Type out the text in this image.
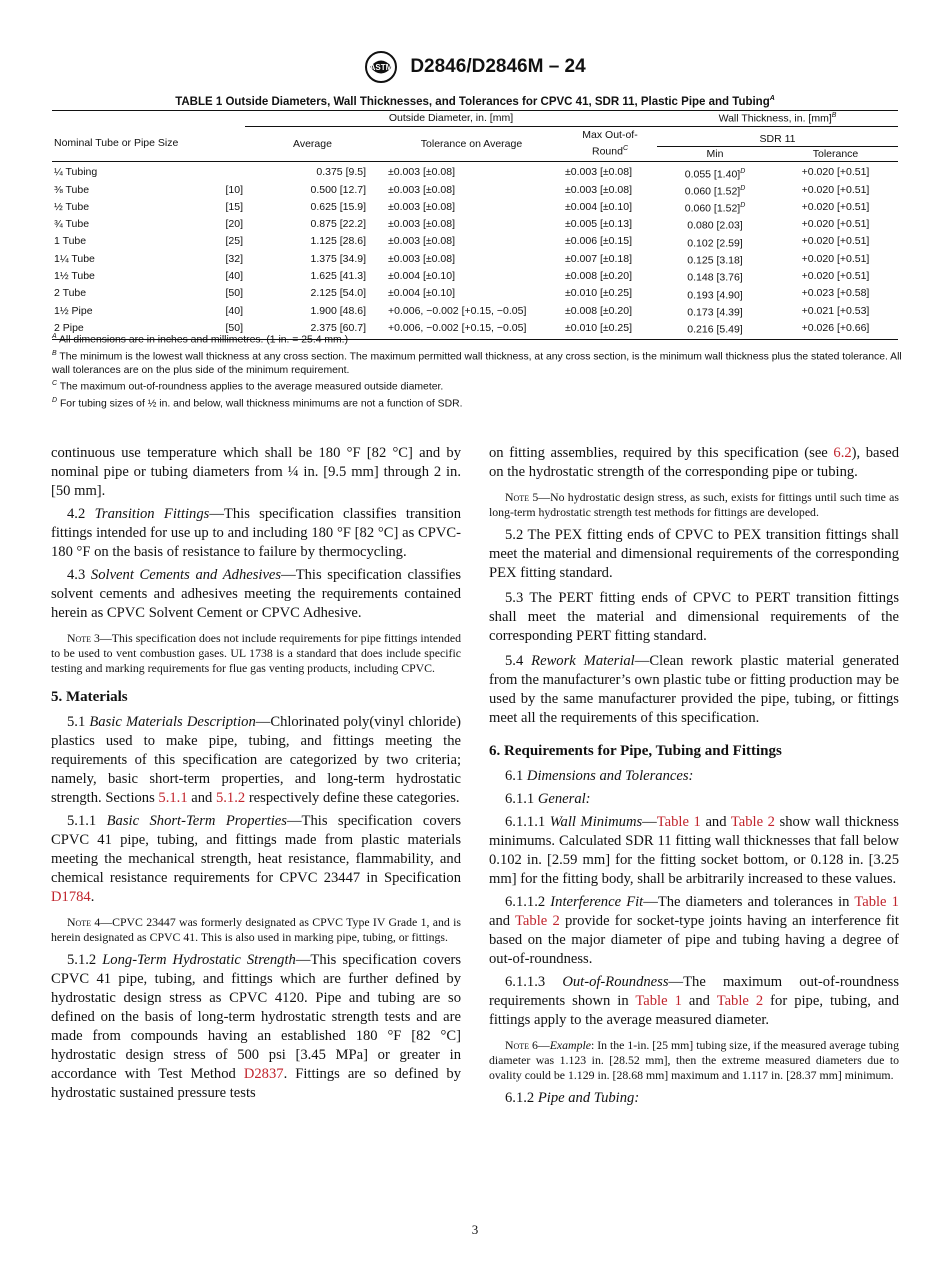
ASTM D2846/D2846M – 24
TABLE 1 Outside Diameters, Wall Thicknesses, and Tolerances for CPVC 41, SDR 11, Plastic Pipe and Tubing$^A$
		Outside Diameter, in. [mm]			Wall Thickness, in. [mm]$^B$
Nominal Tube or Pipe Size		Average	Tolerance on Average	Max Out-of-Round$^C$	SDR 11	
					Min	Tolerance

¼ Tubing		0.375 [9.5]	±0.003 [±0.08]	±0.003 [±0.08]	0.055 $[1.40]^D$	+0.020 [+0.51]
⅜ Tube	[10]	0.500 [12.7]	±0.003 [±0.08]	±0.003 [±0.08]	0.060 $[1.52]^D$	+0.020 [+0.51]
½ Tube	[15]	0.625 [15.9]	±0.003 [±0.08]	±0.004 [±0.10]	0.060 $[1.52]^D$	+0.020 [+0.51]
¾ Tube	[20]	0.875 [22.2]	±0.003 [±0.08]	±0.005 [±0.13]	0.080 [2.03]	+0.020 [+0.51]
1 Tube	[25]	1.125 [28.6]	±0.003 [±0.08]	±0.006 [±0.15]	0.102 [2.59]	+0.020 [+0.51]
1¼ Tube	[32]	1.375 [34.9]	±0.003 [±0.08]	±0.007 [±0.18]	0.125 [3.18]	+0.020 [+0.51]
1½ Tube	[40]	1.625 [41.3]	±0.004 [±0.10]	±0.008 [±0.20]	0.148 [3.76]	+0.020 [+0.51]
2 Tube	[50]	2.125 [54.0]	±0.004 [±0.10]	±0.010 [±0.25]	0.193 [4.90]	+0.023 [+0.58]
1½ Pipe	[40]	1.900 [48.6]	+0.006, −0.002 [+0.15, −0.05]	±0.008 [±0.20]	0.173 [4.39]	+0.021 [+0.53]
2 Pipe	[50]	2.375 [60.7]	+0.006, −0.002 [+0.15, −0.05]	±0.010 [±0.25]	0.216 [5.49]	+0.026 [+0.66]

$^A$ All dimensions are in inches and millimetres. (1 in. = 25.4 mm.)

$^B$ The minimum is the lowest wall thickness at any cross section. The maximum permitted wall thickness, at any cross section, is the minimum wall thickness plus the stated tolerance. All wall tolerances are on the plus side of the minimum requirement.

$^C$ The maximum out-of-roundness applies to the average measured outside diameter.

$^D$ For tubing sizes of ½ in. and below, wall thickness minimums are not a function of SDR.

continuous use temperature which shall be 180 °F [82 °C] and by nominal pipe or tubing diameters from ¼ in. [9.5 mm] through 2 in. [50 mm].

4.2 Transition Fittings—This specification classifies transition fittings intended for use up to and including 180 °F [82 °C] as CPVC-180 °F on the basis of resistance to failure by thermocycling.

4.3 Solvent Cements and Adhesives—This specification classifies solvent cements and adhesives meeting the requirements contained herein as CPVC Solvent Cement or CPVC Adhesive.

Note 3—This specification does not include requirements for pipe fittings intended to be used to vent combustion gases. UL 1738 is a standard that does include specific testing and marking requirements for flue gas venting products, including CPVC.

5. Materials

5.1 Basic Materials Description—Chlorinated poly(vinyl chloride) plastics used to make pipe, tubing, and fittings meeting the requirements of this specification are categorized by two criteria; namely, basic short-term properties, and long-term hydrostatic strength. Sections 5.1.1 and 5.1.2 respectively define these categories.

5.1.1 Basic Short-Term Properties—This specification covers CPVC 41 pipe, tubing, and fittings made from plastic materials meeting the mechanical strength, heat resistance, flammability, and chemical resistance requirements for CPVC 23447 in Specification D1784.

Note 4—CPVC 23447 was formerly designated as CPVC Type IV Grade 1, and is herein designated as CPVC 41. This is also used in marking pipe, tubing, or fittings.

5.1.2 Long-Term Hydrostatic Strength—This specification covers CPVC 41 pipe, tubing, and fittings which are further defined by hydrostatic design stress as CPVC 4120. Pipe and tubing are so defined on the basis of long-term hydrostatic strength tests and are made from compounds having an established 180 °F [82 °C] hydrostatic design stress of 500 psi [3.45 MPa] or greater in accordance with Test Method D2837. Fittings are so defined by hydrostatic sustained pressure tests

on fitting assemblies, required by this specification (see 6.2), based on the hydrostatic strength of the corresponding pipe or tubing.

Note 5—No hydrostatic design stress, as such, exists for fittings until such time as long-term hydrostatic strength test methods for fittings are developed.

5.2 The PEX fitting ends of CPVC to PEX transition fittings shall meet the material and dimensional requirements of the corresponding PEX fitting standard.

5.3 The PERT fitting ends of CPVC to PERT transition fittings shall meet the material and dimensional requirements of the corresponding PERT fitting standard.

5.4 Rework Material—Clean rework plastic material generated from the manufacturer’s own plastic tube or fitting production may be used by the same manufacturer provided the pipe, tubing, or fittings meet all the requirements of this specification.

6. Requirements for Pipe, Tubing and Fittings

6.1 Dimensions and Tolerances:

6.1.1 General:

6.1.1.1 Wall Minimums—Table 1 and Table 2 show wall thickness minimums. Calculated SDR 11 fitting wall thicknesses that fall below 0.102 in. [2.59 mm] for the fitting socket bottom, or 0.128 in. [3.25 mm] for the fitting body, shall be arbitrarily increased to these values.

6.1.1.2 Interference Fit—The diameters and tolerances in Table 1 and Table 2 provide for socket-type joints having an interference fit based on the major diameter of pipe and tubing having a degree of out-of-roundness.

6.1.1.3 Out-of-Roundness—The maximum out-of-roundness requirements shown in Table 1 and Table 2 for pipe, tubing, and fittings apply to the average measured diameter.

Note 6—Example: In the 1-in. [25 mm] tubing size, if the measured average tubing diameter was 1.123 in. [28.52 mm], then the extreme measured diameters due to ovality could be 1.129 in. [28.68 mm] maximum and 1.117 in. [28.37 mm] minimum.

6.1.2 Pipe and Tubing:

3
